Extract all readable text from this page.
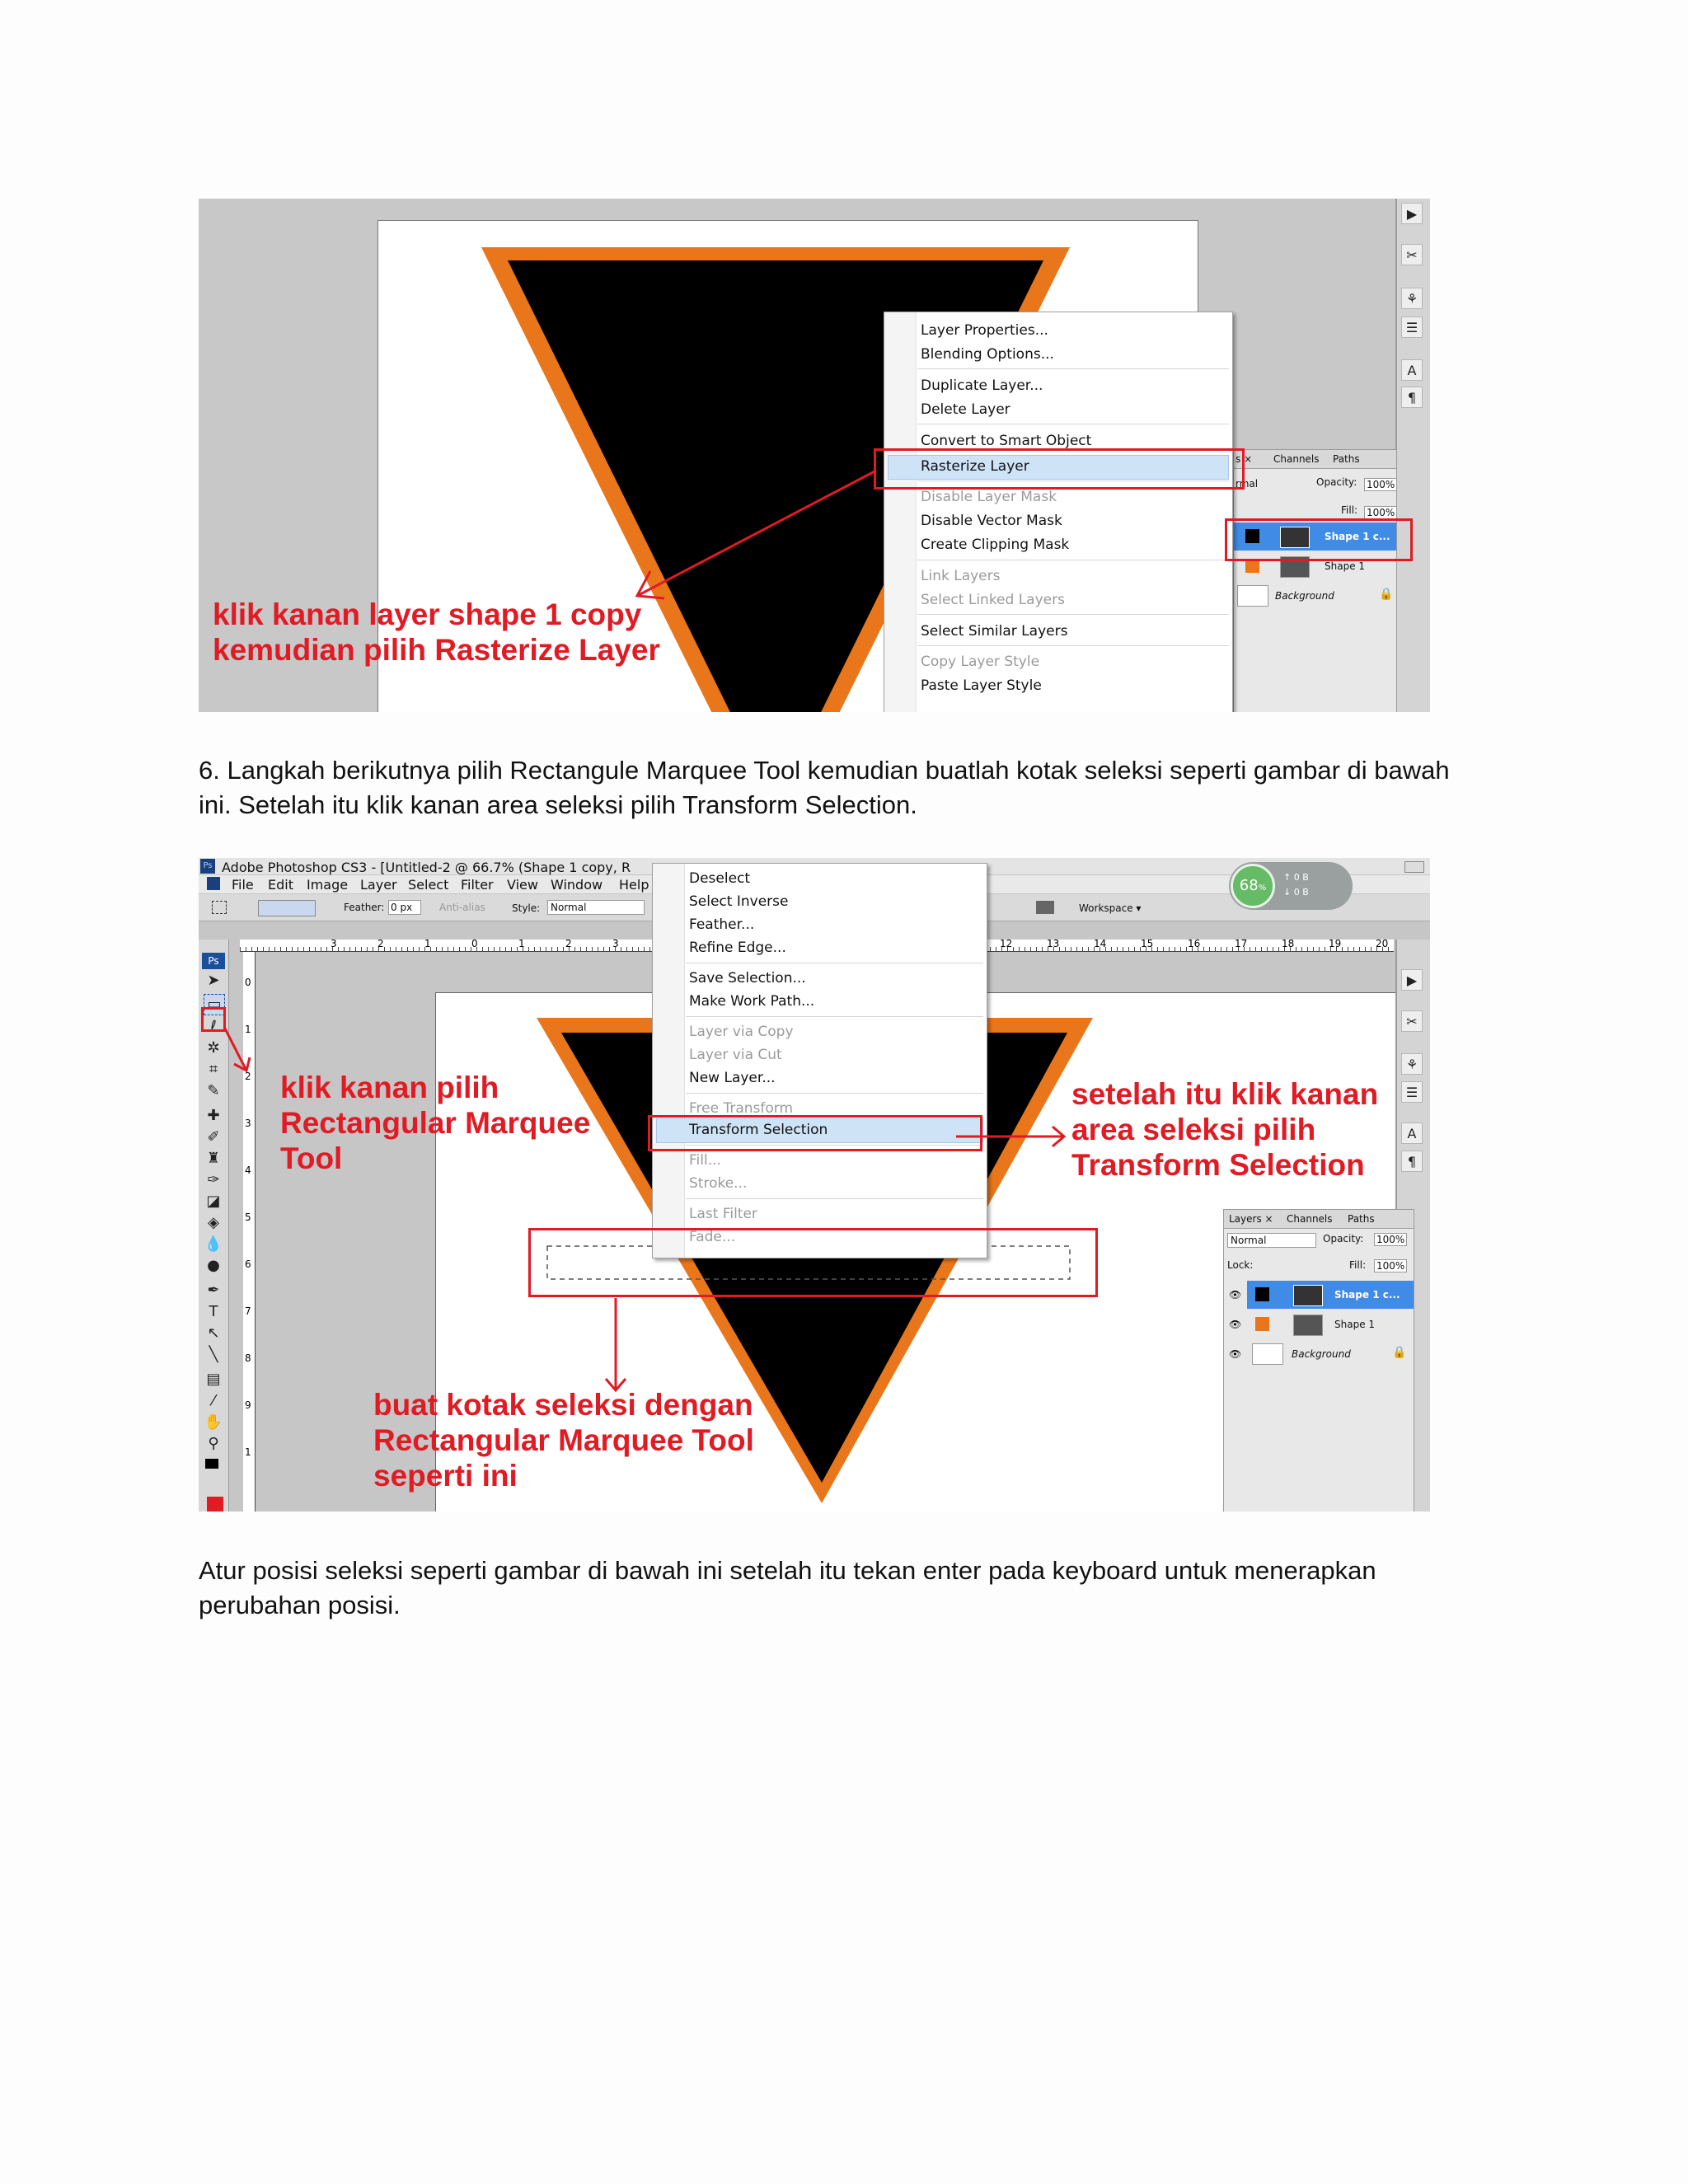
▶
✂
⚘
☰
A
¶
s × Channels Paths
rmal	Opacity: 100%
Fill: 100%
Shape 1 c...
Shape 1
Background	🔒
Layer Properties...
Blending Options...
Duplicate Layer...
Delete Layer
Convert to Smart Object
Rasterize Layer
Disable Layer Mask
Disable Vector Mask
Create Clipping Mask
Link Layers
Select Linked Layers
Select Similar Layers
Copy Layer Style
Paste Layer Style
klik kanan layer shape 1 copy
kemudian pilih Rasterize Layer
6. Langkah berikutnya pilih Rectangule Marquee Tool kemudian buatlah kotak seleksi seperti gambar di bawah ini. Setelah itu klik kanan area seleksi pilih Transform Selection.
Ps Adobe Photoshop CS3 - [Untitled-2 @ 66.7% (Shape 1 copy, R
File Edit Image Layer Select Filter View Window Help
Feather: 0 px	Anti-alias	Style:	Normal	Workspace ▾
68%
↑ 0 B
↓ 0 B
3	2	1	0	1	2	3	12	13	14	15	16	17	18	19	20
0
1
2
3
4
5
6
7
8
9
1
Ps
➤
▭
ℓ
✲
⌗
✎
✚
✐
♜
✑
◪
◈
💧
●
✒
T
↖
╲
▤
⁄
✋
⚲
▶
✂
⚘
☰
A
¶
Layers × Channels Paths
Normal	Opacity: 100%
Lock:	Fill: 100%
👁	Shape 1 c...
👁	Shape 1
👁	Background	🔒
Deselect
Select Inverse
Feather...
Refine Edge...
Save Selection...
Make Work Path...
Layer via Copy
Layer via Cut
New Layer...
Free Transform
Transform Selection
Fill...
Stroke...
Last Filter
Fade...
klik kanan pilih
Rectangular Marquee
Tool
setelah itu klik kanan
area seleksi pilih
Transform Selection
buat kotak seleksi dengan
Rectangular Marquee Tool
seperti ini
Atur posisi seleksi seperti gambar di bawah ini setelah itu tekan enter pada keyboard untuk menerapkan perubahan posisi.
